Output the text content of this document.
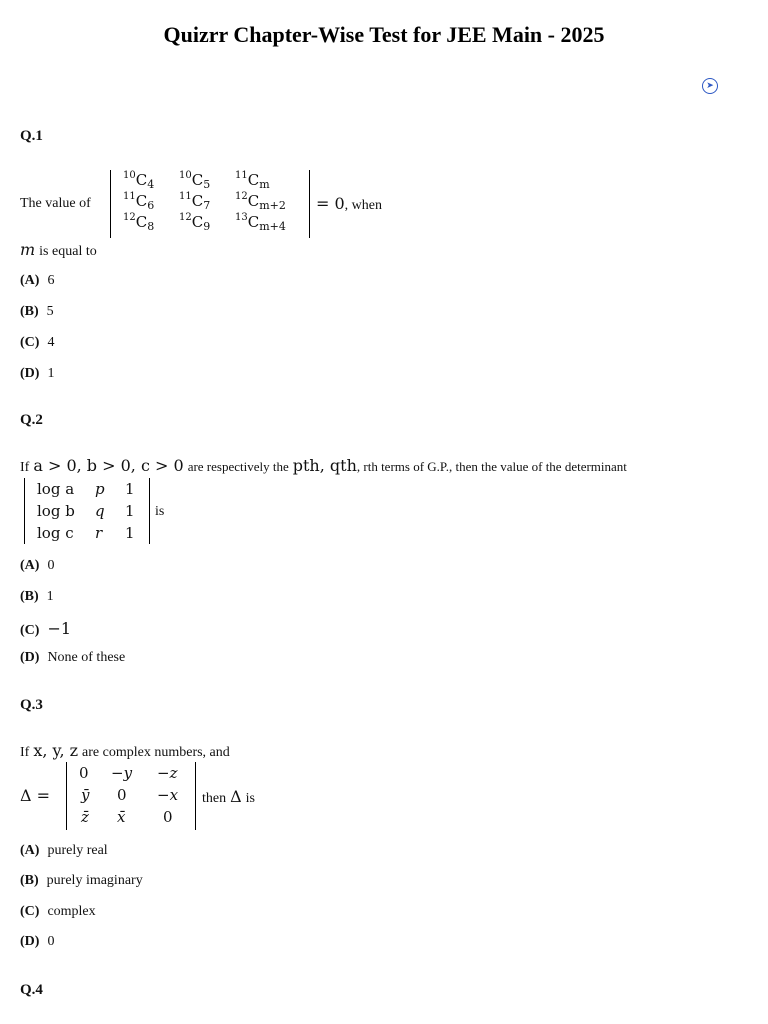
Quizrr Chapter-Wise Test for JEE Main - 2025
➤
Q.1
The value of
$^{10}C_4$
$^{10}C_5$
$^{11}C_m$
$^{11}C_6$
$^{11}C_7$
$^{12}C_{m+2}$
$^{12}C_8$
$^{12}C_9$
$^{13}C_{m+4}$
= 0, when
m is equal to
(A) 6
(B) 5
(C) 4
(D) 1
Q.2
If a > 0, b > 0, c > 0 are respectively the pth, qth, rth terms of G.P., then the value of the determinant
log a p 1
log b q 1
log c r 1
is
(A) 0
(B) 1
(C) −1
(D) None of these
Q.3
If x, y, z are complex numbers, and
Δ =
0 −y −z
ȳ 0 −x
z̄ x̄	0
then Δ is
(A) purely real
(B) purely imaginary
(C) complex
(D) 0
Q.4
